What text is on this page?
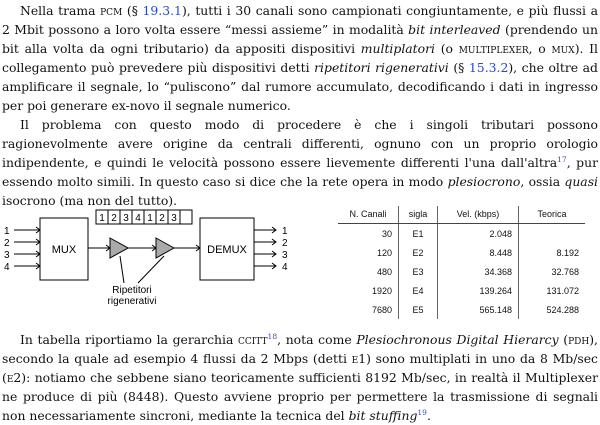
Nella trama pcm (§ 19.3.1), tutti i 30 canali sono campionati congiuntamente, e più flussi a 2 Mbit possono a loro volta essere “messi assieme” in modalità bit interleaved (prendendo un bit alla volta da ogni tributario) da appositi dispositivi multiplatori (o multiplexer, o mux). Il collegamento può prevedere più dispositivi detti ripetitori rigenerativi (§ 15.3.2), che oltre ad amplificare il segnale, lo “puliscono” dal rumore accumulato, decodificando i dati in ingresso per poi generare ex-novo il segnale numerico.

Il problema con questo modo di procedere è che i singoli tributari possono ragionevolmente avere origine da centrali differenti, ognuno con un proprio orologio indipendente, e quindi le velocità possono essere lievemente differenti l'una dall'altra$^{17}$, pur essendo molto simili. In questo caso si dice che la rete opera in modo plesiocrono, ossia quasi isocrono (ma non del tutto).

1
2
3
4
MUX
1 2 3 4 1 2 3
Ripetitori
rigenerativi
DEMUX
1
2
3
4
N. Canali	sigla	Vel. (kbps)	Teorica
30	E1	2.048	
120	E2	8.448	8.192
480	E3	34.368	32.768
1920	E4	139.264	131.072
7680	E5	565.148	524.288

In tabella riportiamo la gerarchia ccitt$^{18}$, nota come Plesiochronous Digital Hierarcy (pdh), secondo la quale ad esempio 4 flussi da 2 Mbps (detti e1) sono multiplati in uno da 8 Mb/sec (e2): notiamo che sebbene siano teoricamente sufficienti 8192 Mb/sec, in realtà il Multiplexer ne produce di più (8448). Questo avviene proprio per permettere la trasmissione di segnali non necessariamente sincroni, mediante la tecnica del bit stuffing$^{19}$.
